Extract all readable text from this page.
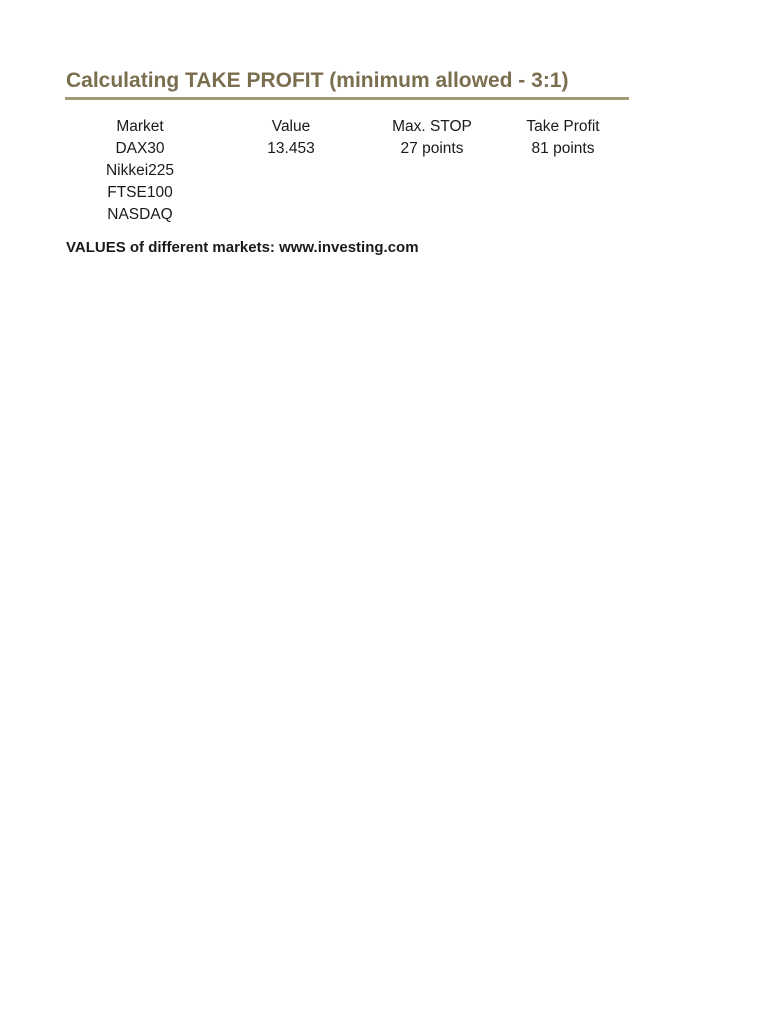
Calculating TAKE PROFIT (minimum allowed - 3:1)
Market	Value	Max. STOP	Take Profit
DAX30	13.453	27 points	81 points
Nikkei225
FTSE100
NASDAQ
VALUES of different markets: www.investing.com
